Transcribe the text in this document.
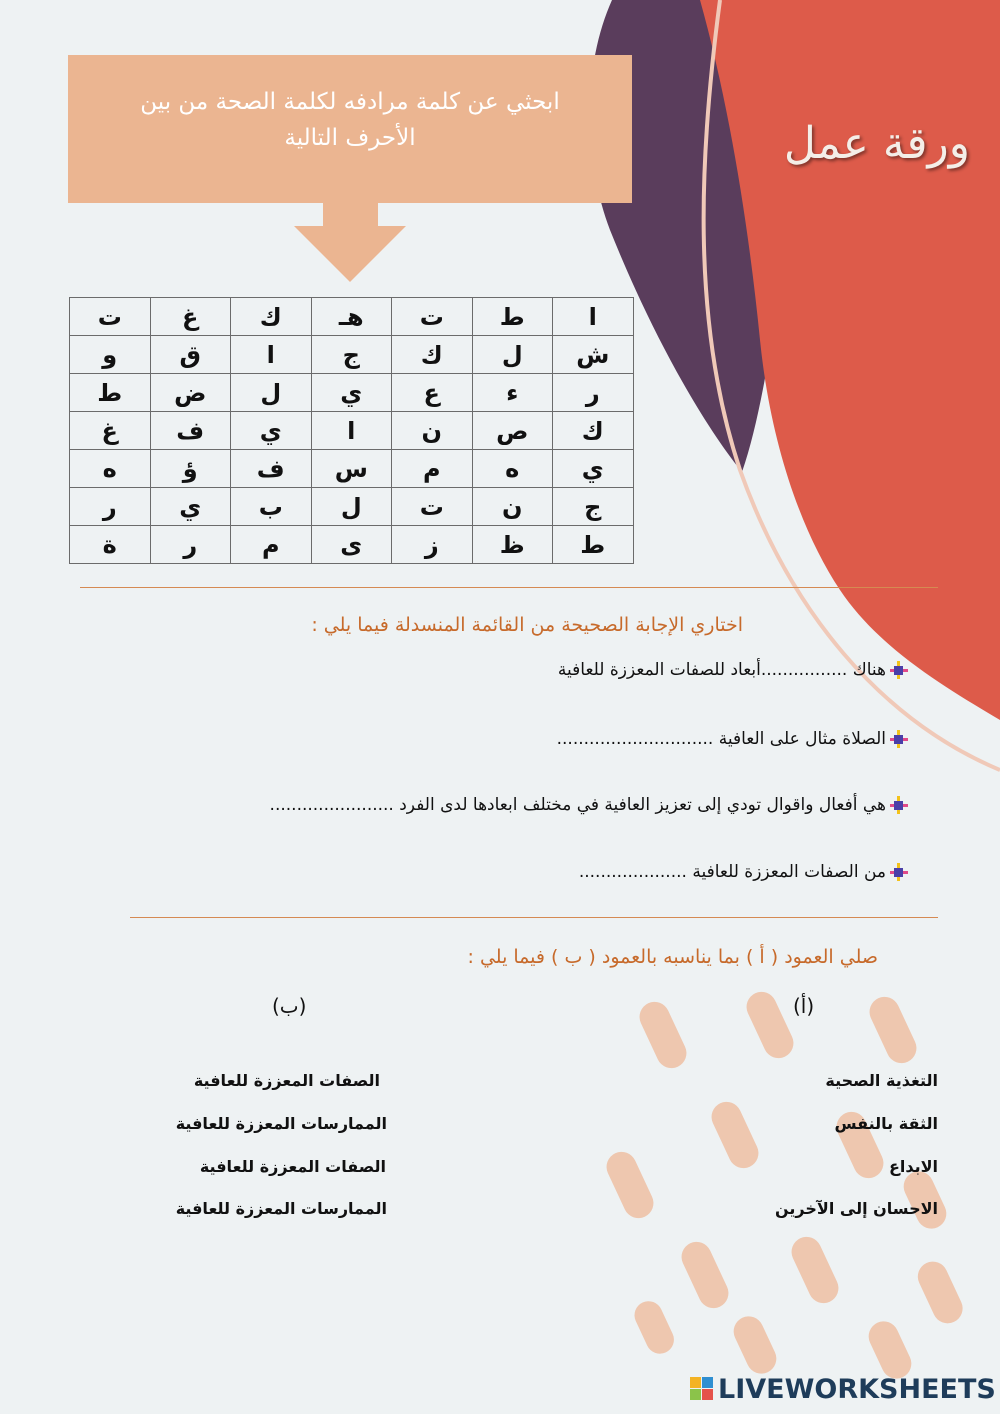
ورقة عمل
ابحثي عن كلمة مرادفه لكلمة الصحة من بين
الأحرف التالية
ا	ط	ت	هـ	ك	غ	ت
ش	ل	ك	ج	ا	ق	و
ر	ء	ع	ي	ل	ض	ط
ك	ص	ن	ا	ي	ف	غ
ي	ه	م	س	ف	ؤ	ه
ج	ن	ت	ل	ب	ي	ر
ط	ظ	ز	ى	م	ر	ة
اختاري الإجابة الصحيحة من القائمة المنسدلة فيما يلي :
هناك ................أبعاد للصفات المعززة للعافية
الصلاة مثال على العافية .............................
هي أفعال واقوال تودي إلى تعزيز العافية في مختلف ابعادها لدى الفرد .......................
من الصفات المعززة للعافية ....................
صلي العمود ( أ ) بما يناسبه بالعمود ( ب ) فيما يلي :
(أ)
(ب)
التغذية الصحية
الثقة بالنفس
الابداع
الاحسان إلى الآخرين
الصفات المعززة للعافية
الممارسات المعززة للعافية
الصفات المعززة للعافية
الممارسات المعززة للعافية
LIVEWORKSHEETS
